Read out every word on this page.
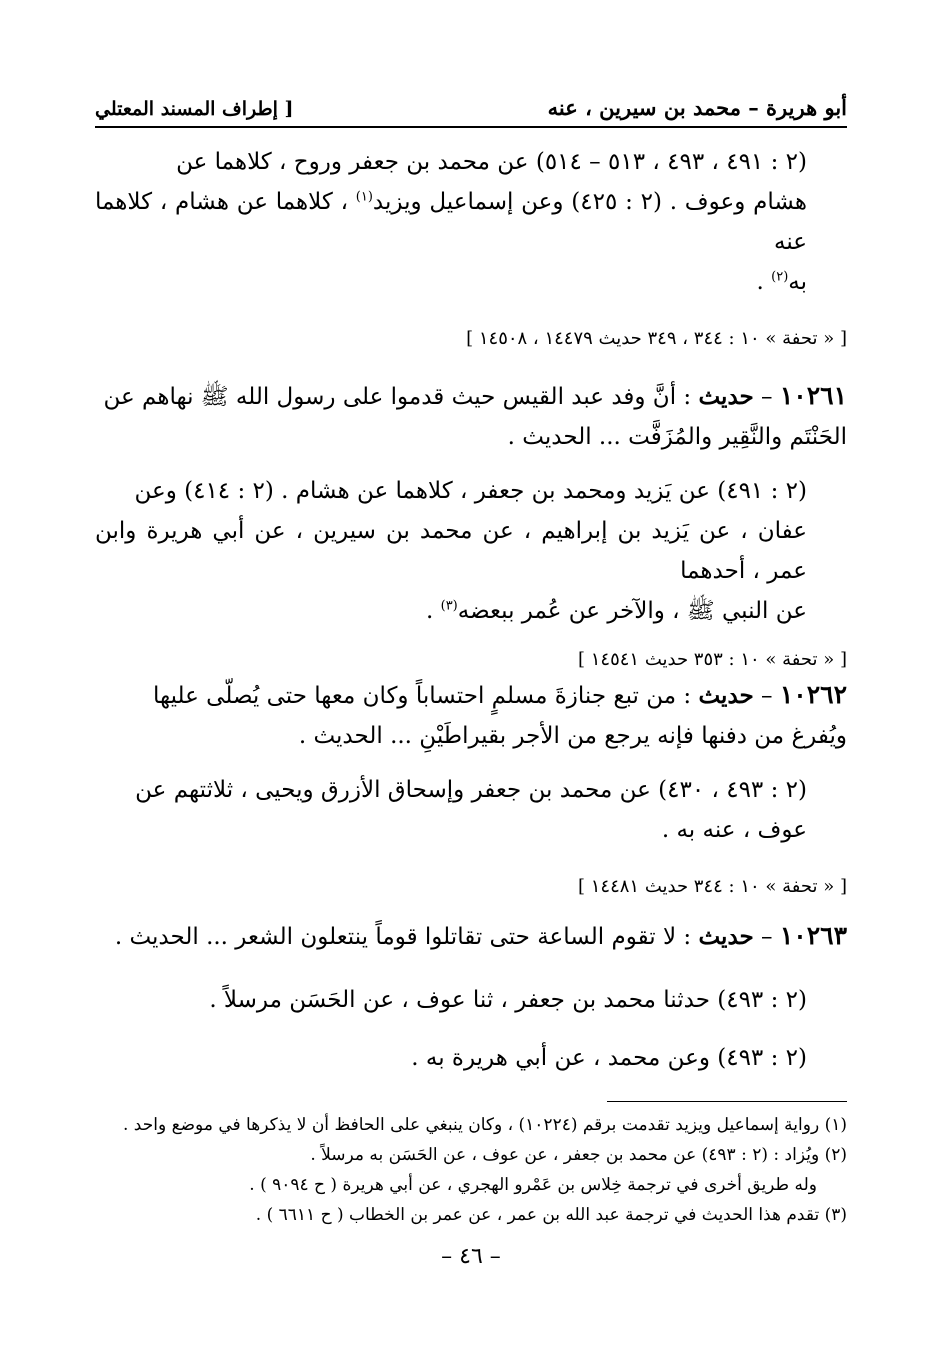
أبو هريرة – محمد بن سيرين ، عنه
[ إطراف المسند المعتلي

(٢ : ٤٩١ ، ٤٩٣ ، ٥١٣ – ٥١٤) عن محمد بن جعفر وروح ، كلاهما عن
هشام وعوف . (٢ : ٤٢٥) وعن إسماعيل ويزيد$^{(١)}$ ، كلاهما عن هشام ، كلاهما عنه
به$^{(٢)}$ .

[ « تحفة » ١٠ : ٣٤٤ ، ٣٤٩ حديث ١٤٤٧٩ ، ١٤٥٠٨ ]

١٠٢٦١ – حديث : أنَّ وفد عبد القيس حيث قدموا على رسول الله ﷺ نهاهم عن
الحَنْتَم والنَّقِير والمُزَفَّت ... الحديث .

(٢ : ٤٩١) عن يَزيد ومحمد بن جعفر ، كلاهما عن هشام . (٢ : ٤١٤) وعن
عفان ، عن يَزيد بن إبراهيم ، عن محمد بن سيرين ، عن أبي هريرة وابن عمر ، أحدهما
عن النبي ﷺ ، والآخر عن عُمر ببعضه$^{(٣)}$ .

[ « تحفة » ١٠ : ٣٥٣ حديث ١٤٥٤١ ]

١٠٢٦٢ – حديث : من تبع جنازةَ مسلمٍ احتساباً وكان معها حتى يُصلّى عليها
ويُفرغ من دفنها فإنه يرجع من الأجر بقيراطَيْنِ ... الحديث .

(٢ : ٤٩٣ ، ٤٣٠) عن محمد بن جعفر وإسحاق الأزرق ويحيى ، ثلاثتهم عن
عوف ، عنه به .

[ « تحفة » ١٠ : ٣٤٤ حديث ١٤٤٨١ ]

١٠٢٦٣ – حديث : لا تقوم الساعة حتى تقاتلوا قوماً ينتعلون الشعر ... الحديث .

(٢ : ٤٩٣) حدثنا محمد بن جعفر ، ثنا عوف ، عن الحَسَن مرسلاً .
(٢ : ٤٩٣) وعن محمد ، عن أبي هريرة به .

(١) رواية إسماعيل ويزيد تقدمت برقم (١٠٢٢٤) ، وكان ينبغي على الحافظ أن لا يذكرها في موضع واحد .

(٢) ويُزاد : (٢ : ٤٩٣) عن محمد بن جعفر ، عن عوف ، عن الحَسَن به مرسلاً .

وله طريق أخرى في ترجمة خِلاس بن عَمْرو الهجري ، عن أبي هريرة ( ح ٩٠٩٤ ) .

(٣) تقدم هذا الحديث في ترجمة عبد الله بن عمر ، عن عمر بن الخطاب ( ح ٦٦١١ ) .

– ٤٦ –
